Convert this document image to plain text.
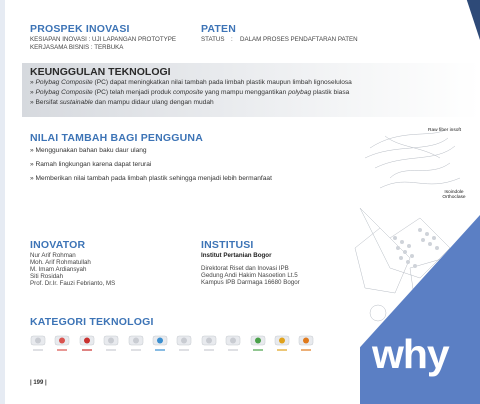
PROSPEK INOVASI
KESIAPAN INOVASI : UJI LAPANGAN PROTOTYPE
KERJASAMA BISNIS : TERBUKA
PATEN
STATUS : DALAM PROSES PENDAFTARAN PATEN
KEUNGGULAN TEKNOLOGI
» Polybag Composite (PC) dapat meningkatkan nilai tambah pada limbah plastik maupun limbah lignoselulosa
» Polybag Composite (PC) telah menjadi produk composite yang mampu menggantikan polybag plastik biasa
» Bersifat sustainable dan mampu didaur ulang dengan mudah
NILAI TAMBAH BAGI PENGGUNA
» Menggunakan bahan baku daur ulang
» Ramah lingkungan karena dapat terurai
» Memberikan nilai tambah pada limbah plastik sehingga menjadi lebih bermanfaat
Raw fiber insoft
Isoindole Orthoclase
why
INOVATOR
Nur Arif Rohman
Moh. Arif Rohmatullah
M. Imam Ardiansyah
Siti Rosidah
Prof. Dr.Ir. Fauzi Febrianto, MS
INSTITUSI
Institut Pertanian Bogor
Direktorat Riset dan Inovasi IPB
Gedung Andi Hakim Nasoetion Lt.5
Kampus IPB Darmaga 16680 Bogor
KATEGORI TEKNOLOGI
| 199 |
